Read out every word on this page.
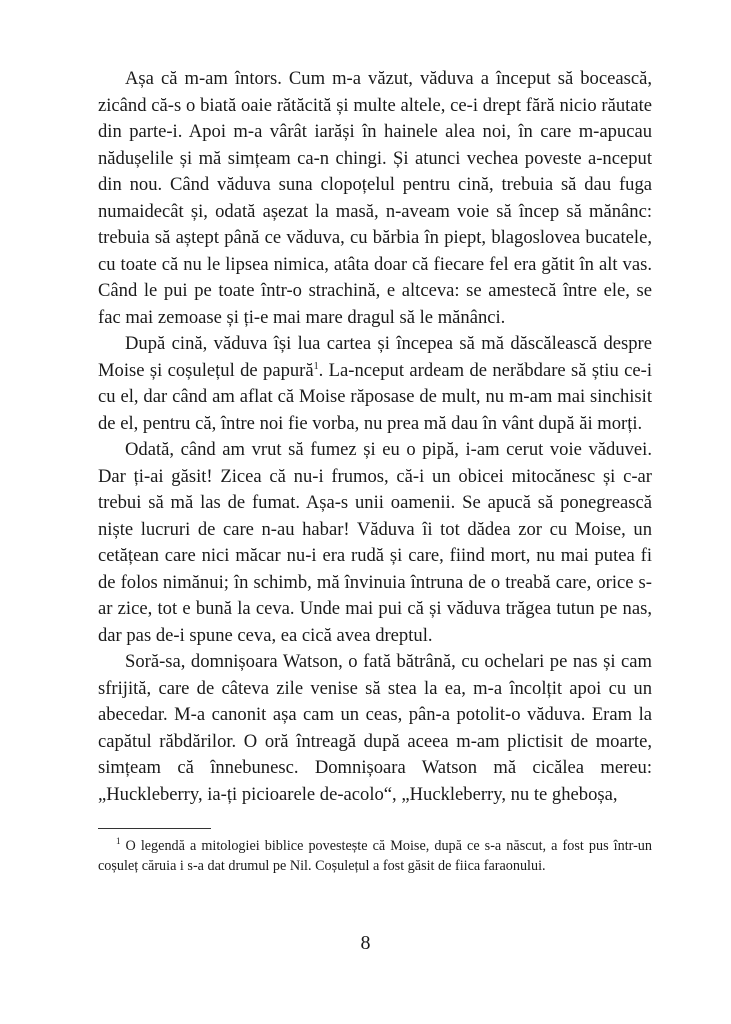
Așa că m-am întors. Cum m-a văzut, văduva a început să bocească, zicând că-s o biată oaie rătăcită și multe altele, ce-i drept fără nicio răutate din parte-i. Apoi m-a vârât iarăși în hainele alea noi, în care m-apucau nădușelile și mă simțeam ca-n chingi. Și atunci vechea poveste a-nceput din nou. Când văduva suna clopoțelul pentru cină, trebuia să dau fuga numaidecât și, odată așezat la masă, n-aveam voie să încep să mănânc: trebuia să aștept până ce văduva, cu bărbia în piept, blagoslovea bucatele, cu toate că nu le lipsea nimica, atâta doar că fiecare fel era gătit în alt vas. Când le pui pe toate într-o strachină, e altceva: se amestecă între ele, se fac mai zemoase și ți-e mai mare dragul să le mănânci.

După cină, văduva își lua cartea și începea să mă dăscălească despre Moise și coșulețul de papură$^1$. La-nceput ardeam de nerăbdare să știu ce-i cu el, dar când am aflat că Moise răposase de mult, nu m-am mai sinchisit de el, pentru că, între noi fie vorba, nu prea mă dau în vânt după ăi morți.

Odată, când am vrut să fumez și eu o pipă, i-am cerut voie văduvei. Dar ți-ai găsit! Zicea că nu-i frumos, că-i un obicei mitocănesc și c-ar trebui să mă las de fumat. Așa-s unii oamenii. Se apucă să ponegrească niște lucruri de care n-au habar! Văduva îi tot dădea zor cu Moise, un cetățean care nici măcar nu-i era rudă și care, fiind mort, nu mai putea fi de folos nimănui; în schimb, mă învinuia întruna de o treabă care, orice s-ar zice, tot e bună la ceva. Unde mai pui că și văduva trăgea tutun pe nas, dar pas de-i spune ceva, ea cică avea dreptul.

Soră-sa, domnișoara Watson, o fată bătrână, cu ochelari pe nas și cam sfrijită, care de câteva zile venise să stea la ea, m-a încolțit apoi cu un abecedar. M-a canonit așa cam un ceas, pân-a potolit-o văduva. Eram la capătul răbdărilor. O oră întreagă după aceea m-am plictisit de moarte, simțeam că înnebunesc. Domnișoara Watson mă cicălea mereu: „Huckleberry, ia-ți picioarele de-acolo“, „Huckleberry, nu te gheboșa,

$^1$ O legendă a mitologiei biblice povestește că Moise, după ce s-a născut, a fost pus într-un coșuleț căruia i s-a dat drumul pe Nil. Coșulețul a fost găsit de fiica faraonului.
8
